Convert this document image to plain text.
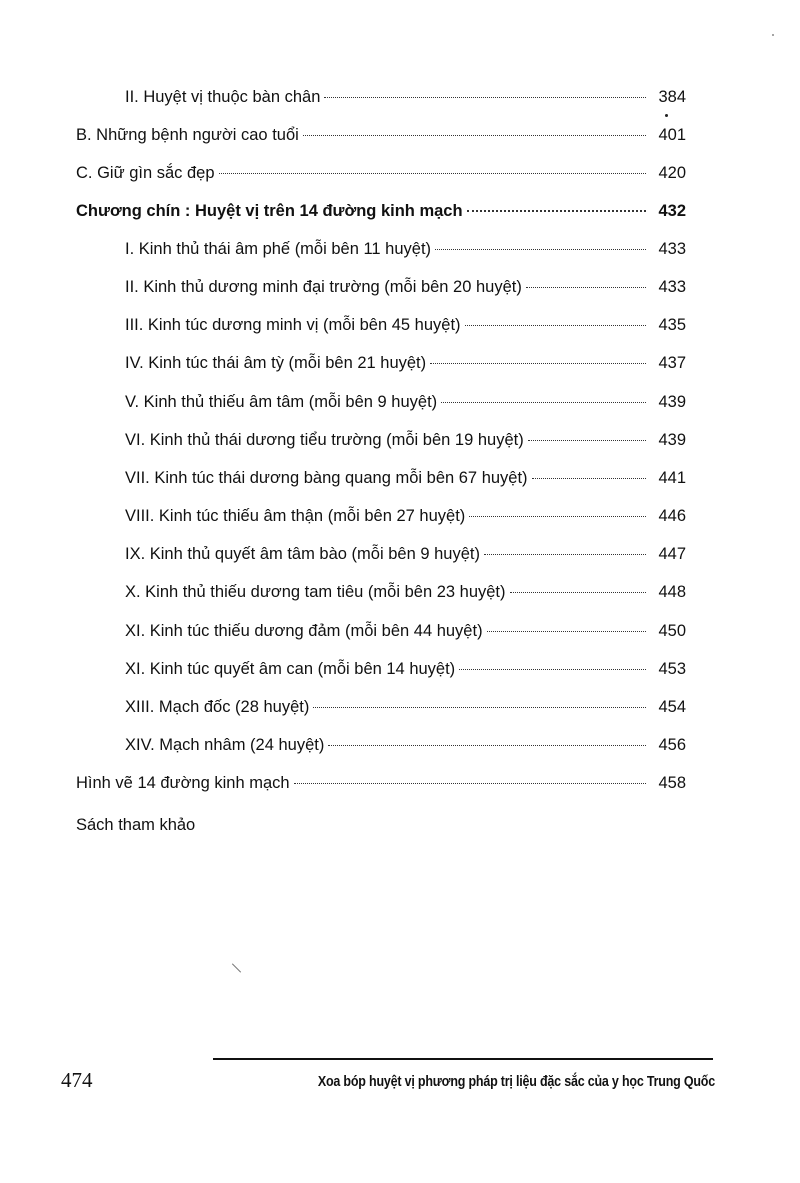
II. Huyệt vị thuộc bàn chân	384
B. Những bệnh người cao tuổi	401
C. Giữ gìn sắc đẹp	420
Chương chín : Huyệt vị trên 14 đường kinh mạch	432
I. Kinh thủ thái âm phế (mỗi bên 11 huyệt)	433
II. Kinh thủ dương minh đại trường (mỗi bên 20 huyệt)	433
III. Kinh túc dương minh vị (mỗi bên 45 huyệt)	435
IV. Kinh túc thái âm tỳ (mỗi bên 21 huyệt)	437
V. Kinh thủ thiếu âm tâm (mỗi bên 9 huyệt)	439
VI. Kinh thủ thái dương tiểu trường (mỗi bên 19 huyệt)	439
VII. Kinh túc thái dương bàng quang mỗi bên 67 huyệt)	441
VIII. Kinh túc thiếu âm thận (mỗi bên 27 huyệt)	446
IX. Kinh thủ quyết âm tâm bào (mỗi bên 9 huyệt)	447
X. Kinh thủ thiếu dương tam tiêu (mỗi bên 23 huyệt)	448
XI. Kinh túc thiếu dương đảm (mỗi bên 44 huyệt)	450
XI. Kinh túc quyết âm can (mỗi bên 14 huyệt)	453
XIII. Mạch đốc (28 huyệt)	454
XIV. Mạch nhâm (24 huyệt)	456
Hình vẽ 14 đường kinh mạch	458
Sách tham khảo
474	Xoa bóp huyệt vị phương pháp trị liệu đặc sắc của y học Trung Quốc
